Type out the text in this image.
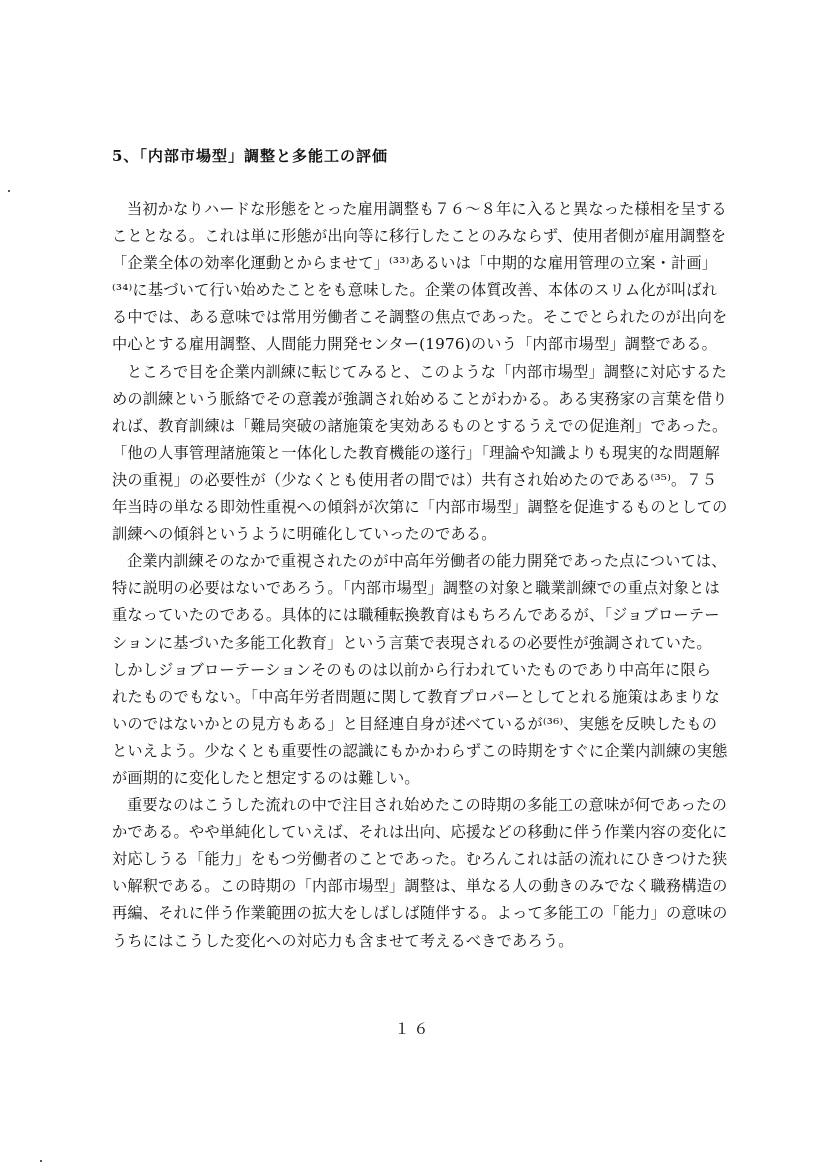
5、「内部市場型」調整と多能工の評価
当初かなりハードな形態をとった雇用調整も７６～８年に入ると異なった様相を呈する
こととなる。これは単に形態が出向等に移行したことのみならず、使用者側が雇用調整を
「企業全体の効率化運動とからませて」⁽³³⁾あるいは「中期的な雇用管理の立案・計画」
⁽³⁴⁾に基づいて行い始めたことをも意味した。企業の体質改善、本体のスリム化が叫ばれ
る中では、ある意味では常用労働者こそ調整の焦点であった。そこでとられたのが出向を
中心とする雇用調整、人間能力開発センター(1976)のいう「内部市場型」調整である。
ところで目を企業内訓練に転じてみると、このような「内部市場型」調整に対応するた
めの訓練という脈絡でその意義が強調され始めることがわかる。ある実務家の言葉を借り
れば、教育訓練は「難局突破の諸施策を実効あるものとするうえでの促進剤」であった。
「他の人事管理諸施策と一体化した教育機能の遂行」「理論や知識よりも現実的な問題解
決の重視」の必要性が（少なくとも使用者の間では）共有され始めたのである⁽³⁵⁾。７５
年当時の単なる即効性重視への傾斜が次第に「内部市場型」調整を促進するものとしての
訓練への傾斜というように明確化していったのである。
企業内訓練そのなかで重視されたのが中高年労働者の能力開発であった点については、
特に説明の必要はないであろう。「内部市場型」調整の対象と職業訓練での重点対象とは
重なっていたのである。具体的には職種転換教育はもちろんであるが、「ジョブローテー
ションに基づいた多能工化教育」という言葉で表現されるの必要性が強調されていた。
しかしジョブローテーションそのものは以前から行われていたものであり中高年に限ら
れたものでもない。「中高年労者問題に関して教育プロパーとしてとれる施策はあまりな
いのではないかとの見方もある」と目経連自身が述べているが⁽³⁶⁾、実態を反映したもの
といえよう。少なくとも重要性の認識にもかかわらずこの時期をすぐに企業内訓練の実態
が画期的に変化したと想定するのは難しい。
重要なのはこうした流れの中で注目され始めたこの時期の多能工の意味が何であったの
かである。やや単純化していえば、それは出向、応援などの移動に伴う作業内容の変化に
対応しうる「能力」をもつ労働者のことであった。むろんこれは話の流れにひきつけた狭
い解釈である。この時期の「内部市場型」調整は、単なる人の動きのみでなく職務構造の
再編、それに伴う作業範囲の拡大をしばしば随伴する。よって多能工の「能力」の意味の
うちにはこうした変化への対応力も含ませて考えるべきであろう。
１６
